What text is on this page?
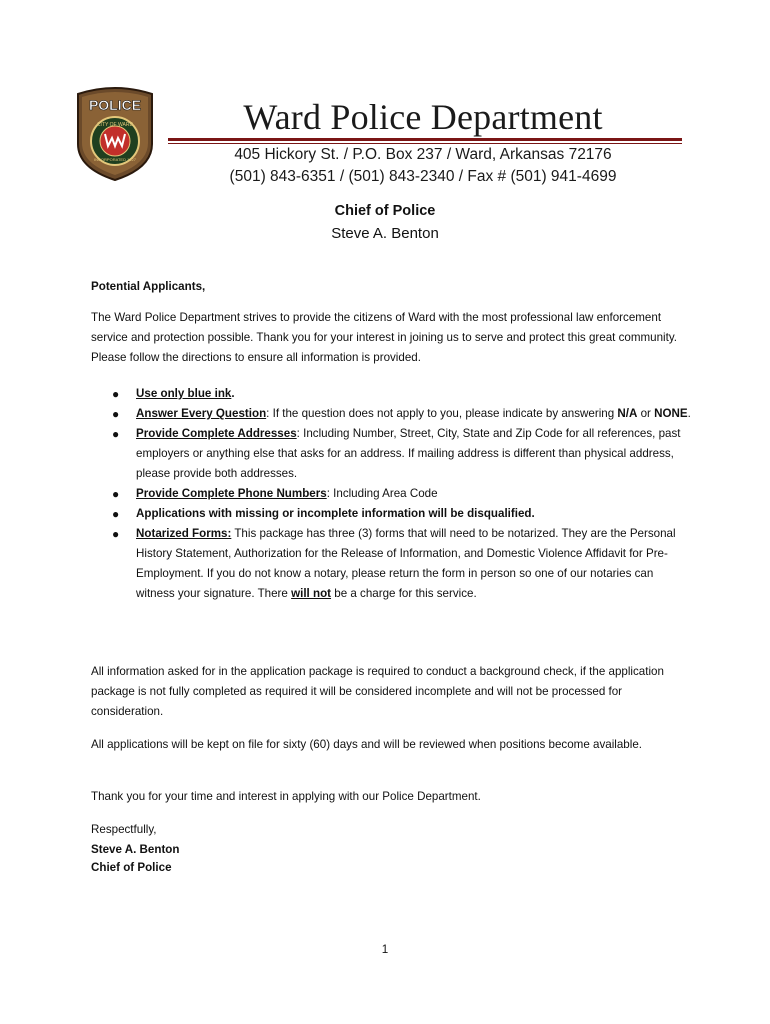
POLICE
CITY OF WARD
INCORPORATED 1927
Ward Police Department
405 Hickory St. / P.O. Box 237 / Ward, Arkansas 72176
(501) 843-6351 / (501) 843-2340 / Fax # (501) 941-4699
Chief of Police
Steve A. Benton
Potential Applicants,
The Ward Police Department strives to provide the citizens of Ward with the most professional law enforcement service and protection possible. Thank you for your interest in joining us to serve and protect this great community. Please follow the directions to ensure all information is provided.
● Use only blue ink.
● Answer Every Question: If the question does not apply to you, please indicate by answering N/A or NONE.
● Provide Complete Addresses: Including Number, Street, City, State and Zip Code for all references, past employers or anything else that asks for an address. If mailing address is different than physical address, please provide both addresses.
● Provide Complete Phone Numbers: Including Area Code
● Applications with missing or incomplete information will be disqualified.
● Notarized Forms: This package has three (3) forms that will need to be notarized. They are the Personal History Statement, Authorization for the Release of Information, and Domestic Violence Affidavit for Pre-Employment. If you do not know a notary, please return the form in person so one of our notaries can witness your signature. There will not be a charge for this service.
All information asked for in the application package is required to conduct a background check, if the application package is not fully completed as required it will be considered incomplete and will not be processed for consideration.
All applications will be kept on file for sixty (60) days and will be reviewed when positions become available.
Thank you for your time and interest in applying with our Police Department.
Respectfully,
Steve A. Benton
Chief of Police
1
